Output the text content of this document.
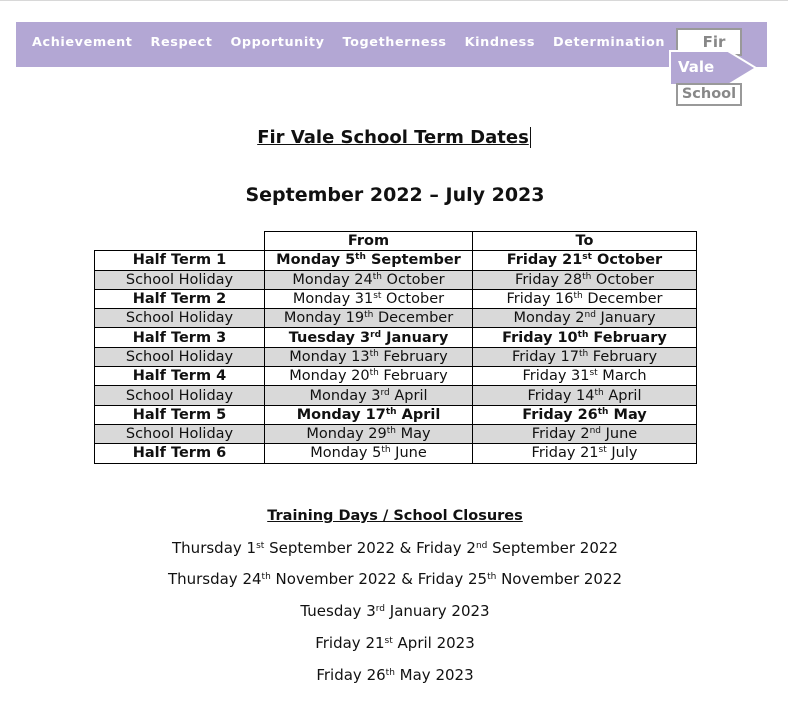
Achievement Respect Opportunity Togetherness Kindness Determination	Fir
Vale
School
Fir Vale School Term Dates
September 2022 – July 2023
	From	To
Half Term 1	Monday 5th September	Friday 21st October
School Holiday	Monday 24th October	Friday 28th October
Half Term 2	Monday 31st October	Friday 16th December
School Holiday	Monday 19th December	Monday 2nd January
Half Term 3	Tuesday 3rd January	Friday 10th February
School Holiday	Monday 13th February	Friday 17th February
Half Term 4	Monday 20th February	Friday 31st March
School Holiday	Monday 3rd April	Friday 14th April
Half Term 5	Monday 17th April	Friday 26th May
School Holiday	Monday 29th May	Friday 2nd June
Half Term 6	Monday 5th June	Friday 21st July
Training Days / School Closures
Thursday 1st September 2022 & Friday 2nd September 2022
Thursday 24th November 2022 & Friday 25th November 2022
Tuesday 3rd January 2023
Friday 21st April 2023
Friday 26th May 2023
